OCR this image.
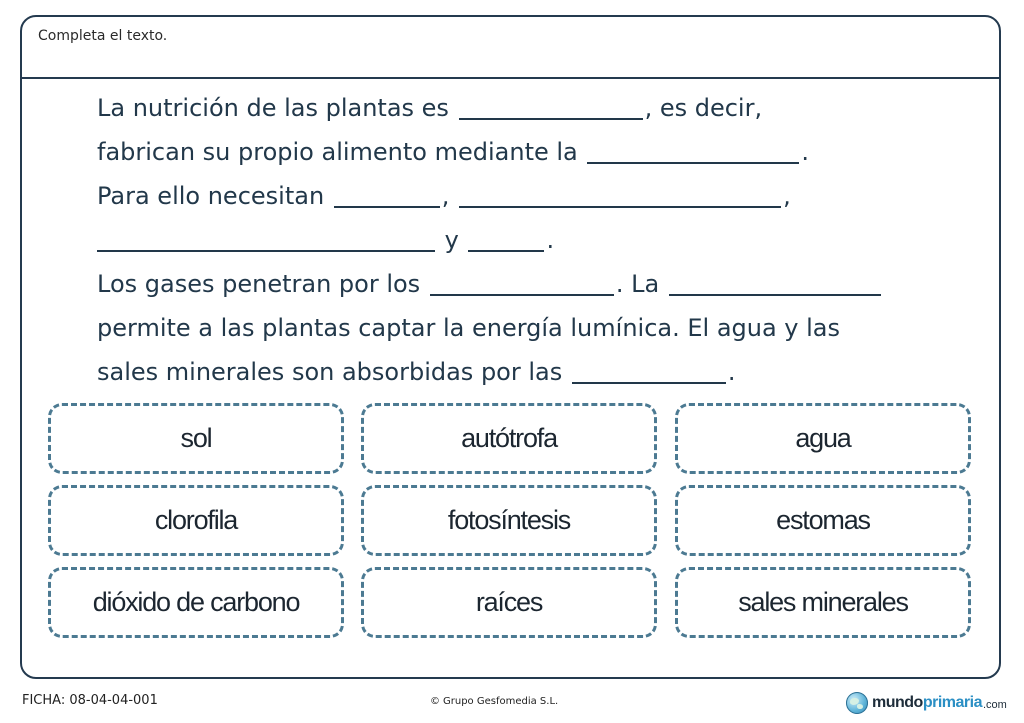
Completa el texto.
La nutrición de las plantas es	, es decir,
fabrican su propio alimento mediante la	.
Para ello necesitan	,	,
y	.
Los gases penetran por los	. La
permite a las plantas captar la energía lumínica. El agua y las
sales minerales son absorbidas por las	.
sol	autótrofa	agua
clorofila	fotosíntesis	estomas
dióxido de carbono	raíces	sales minerales
FICHA: 08-04-04-001	© Grupo Gesfomedia S.L.	mundoprimaria .com
